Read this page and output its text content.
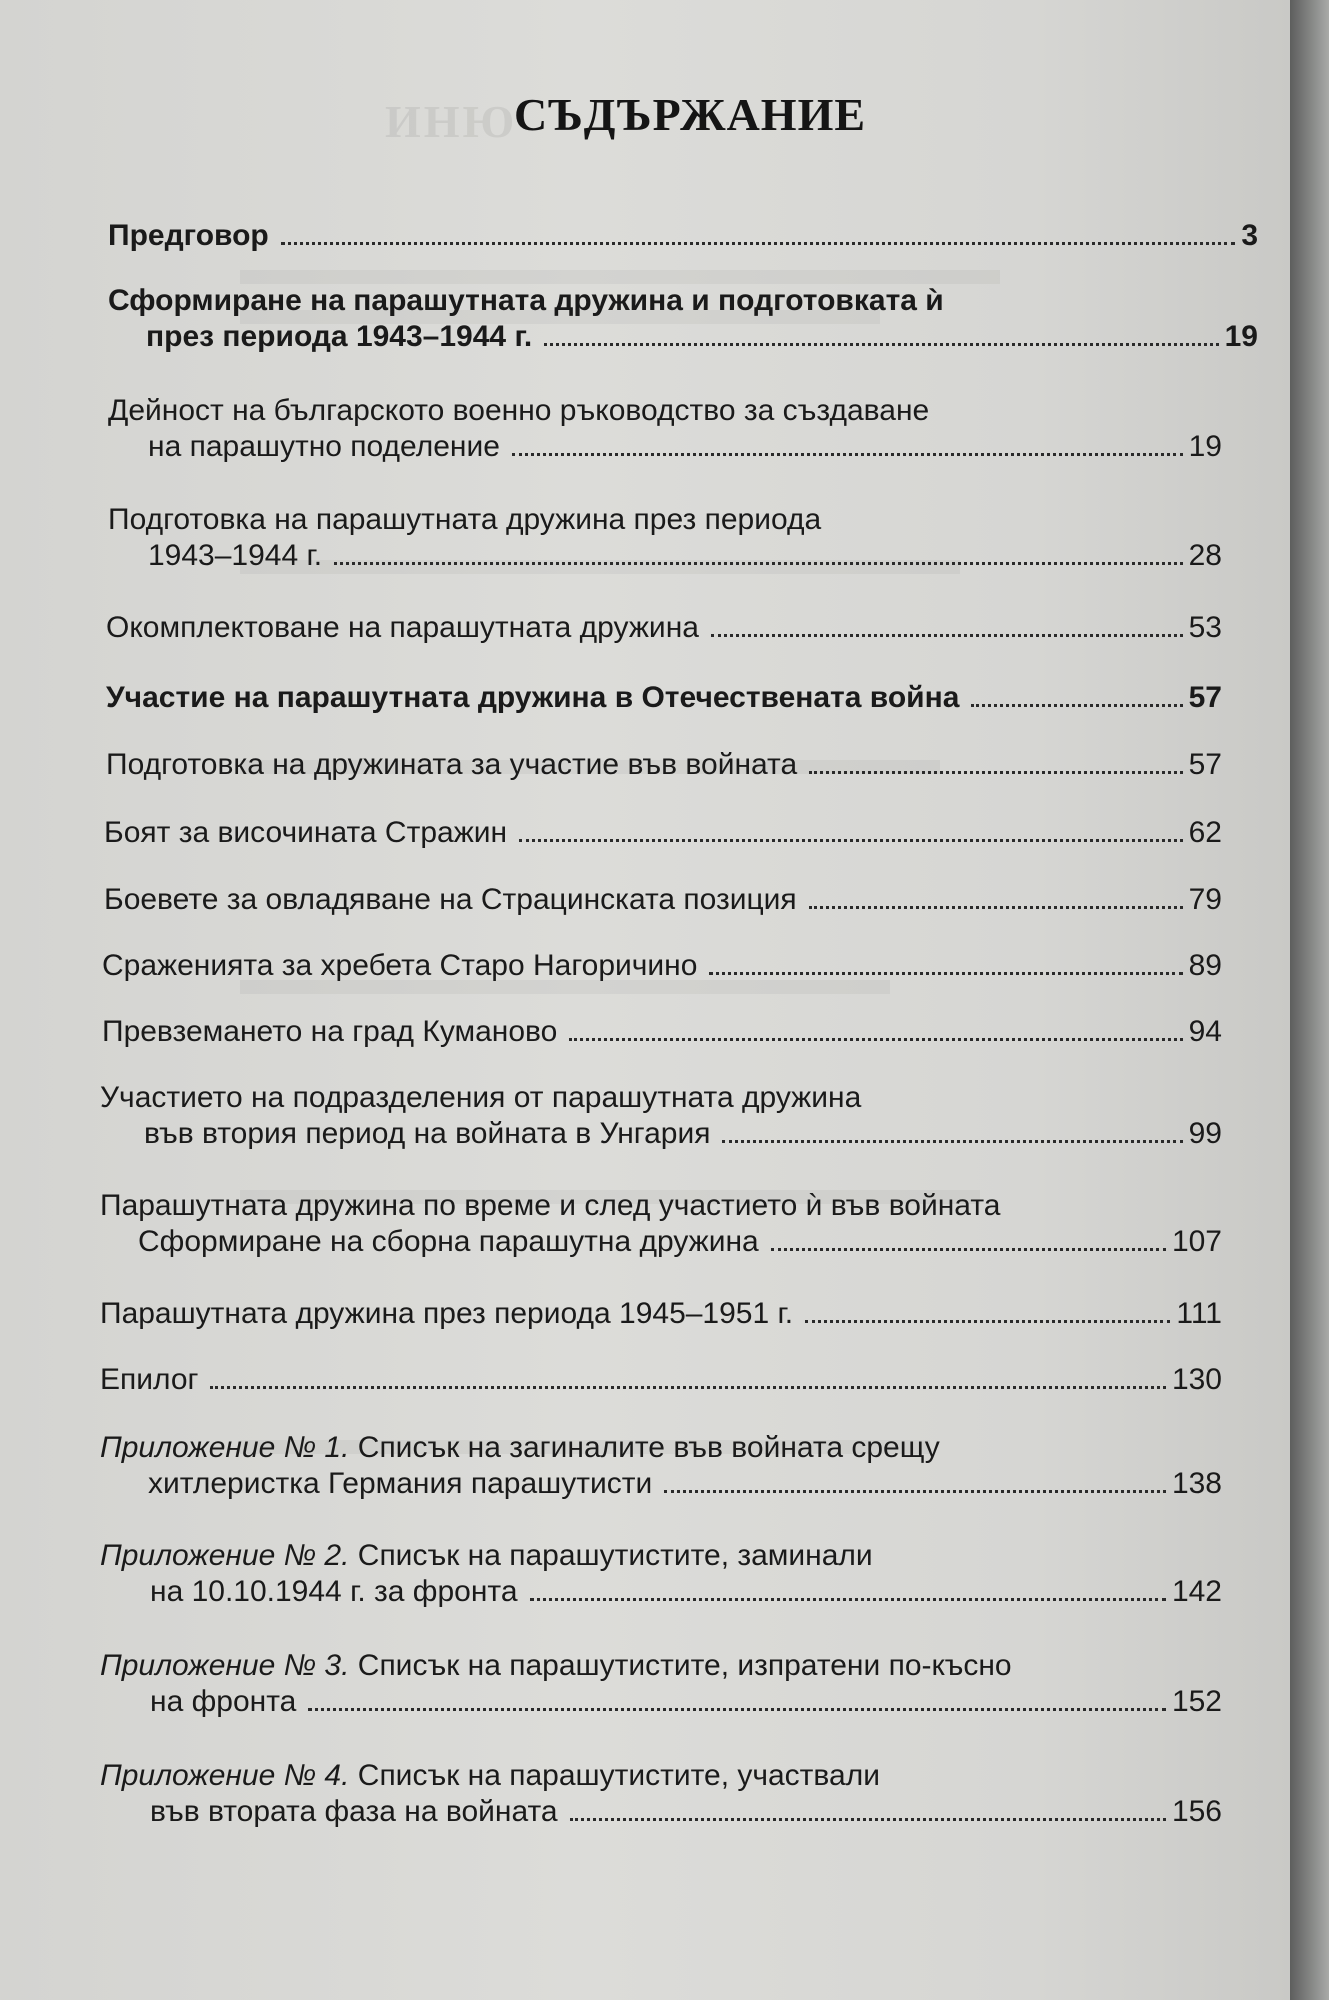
ИНЮ
СЪДЪРЖАНИЕ
Предговор	3
Сформиране на парашутната дружина и подготовката ѝ
през периода 1943–1944 г.	19
Дейност на българското военно ръководство за създаване
на парашутно поделение	19
Подготовка на парашутната дружина през периода
1943–1944 г.	28
Окомплектоване на парашутната дружина	53
Участие на парашутната дружина в Отечествената война	57
Подготовка на дружината за участие във войната	57
Боят за височината Стражин	62
Боевете за овладяване на Страцинската позиция	79
Сраженията за хребета Старо Нагоричино	89
Превземането на град Куманово	94
Участието на подразделения от парашутната дружина
във втория период на войната в Унгария	99
Парашутната дружина по време и след участието ѝ във войната
Сформиране на сборна парашутна дружина	107
Парашутната дружина през периода 1945–1951 г.	111
Епилог	130
Приложение № 1. Списък на загиналите във войната срещу
хитлеристка Германия парашутисти	138
Приложение № 2. Списък на парашутистите, заминали
на 10.10.1944 г. за фронта	142
Приложение № 3. Списък на парашутистите, изпратени по-късно
на фронта	152
Приложение № 4. Списък на парашутистите, участвали
във втората фаза на войната	156
